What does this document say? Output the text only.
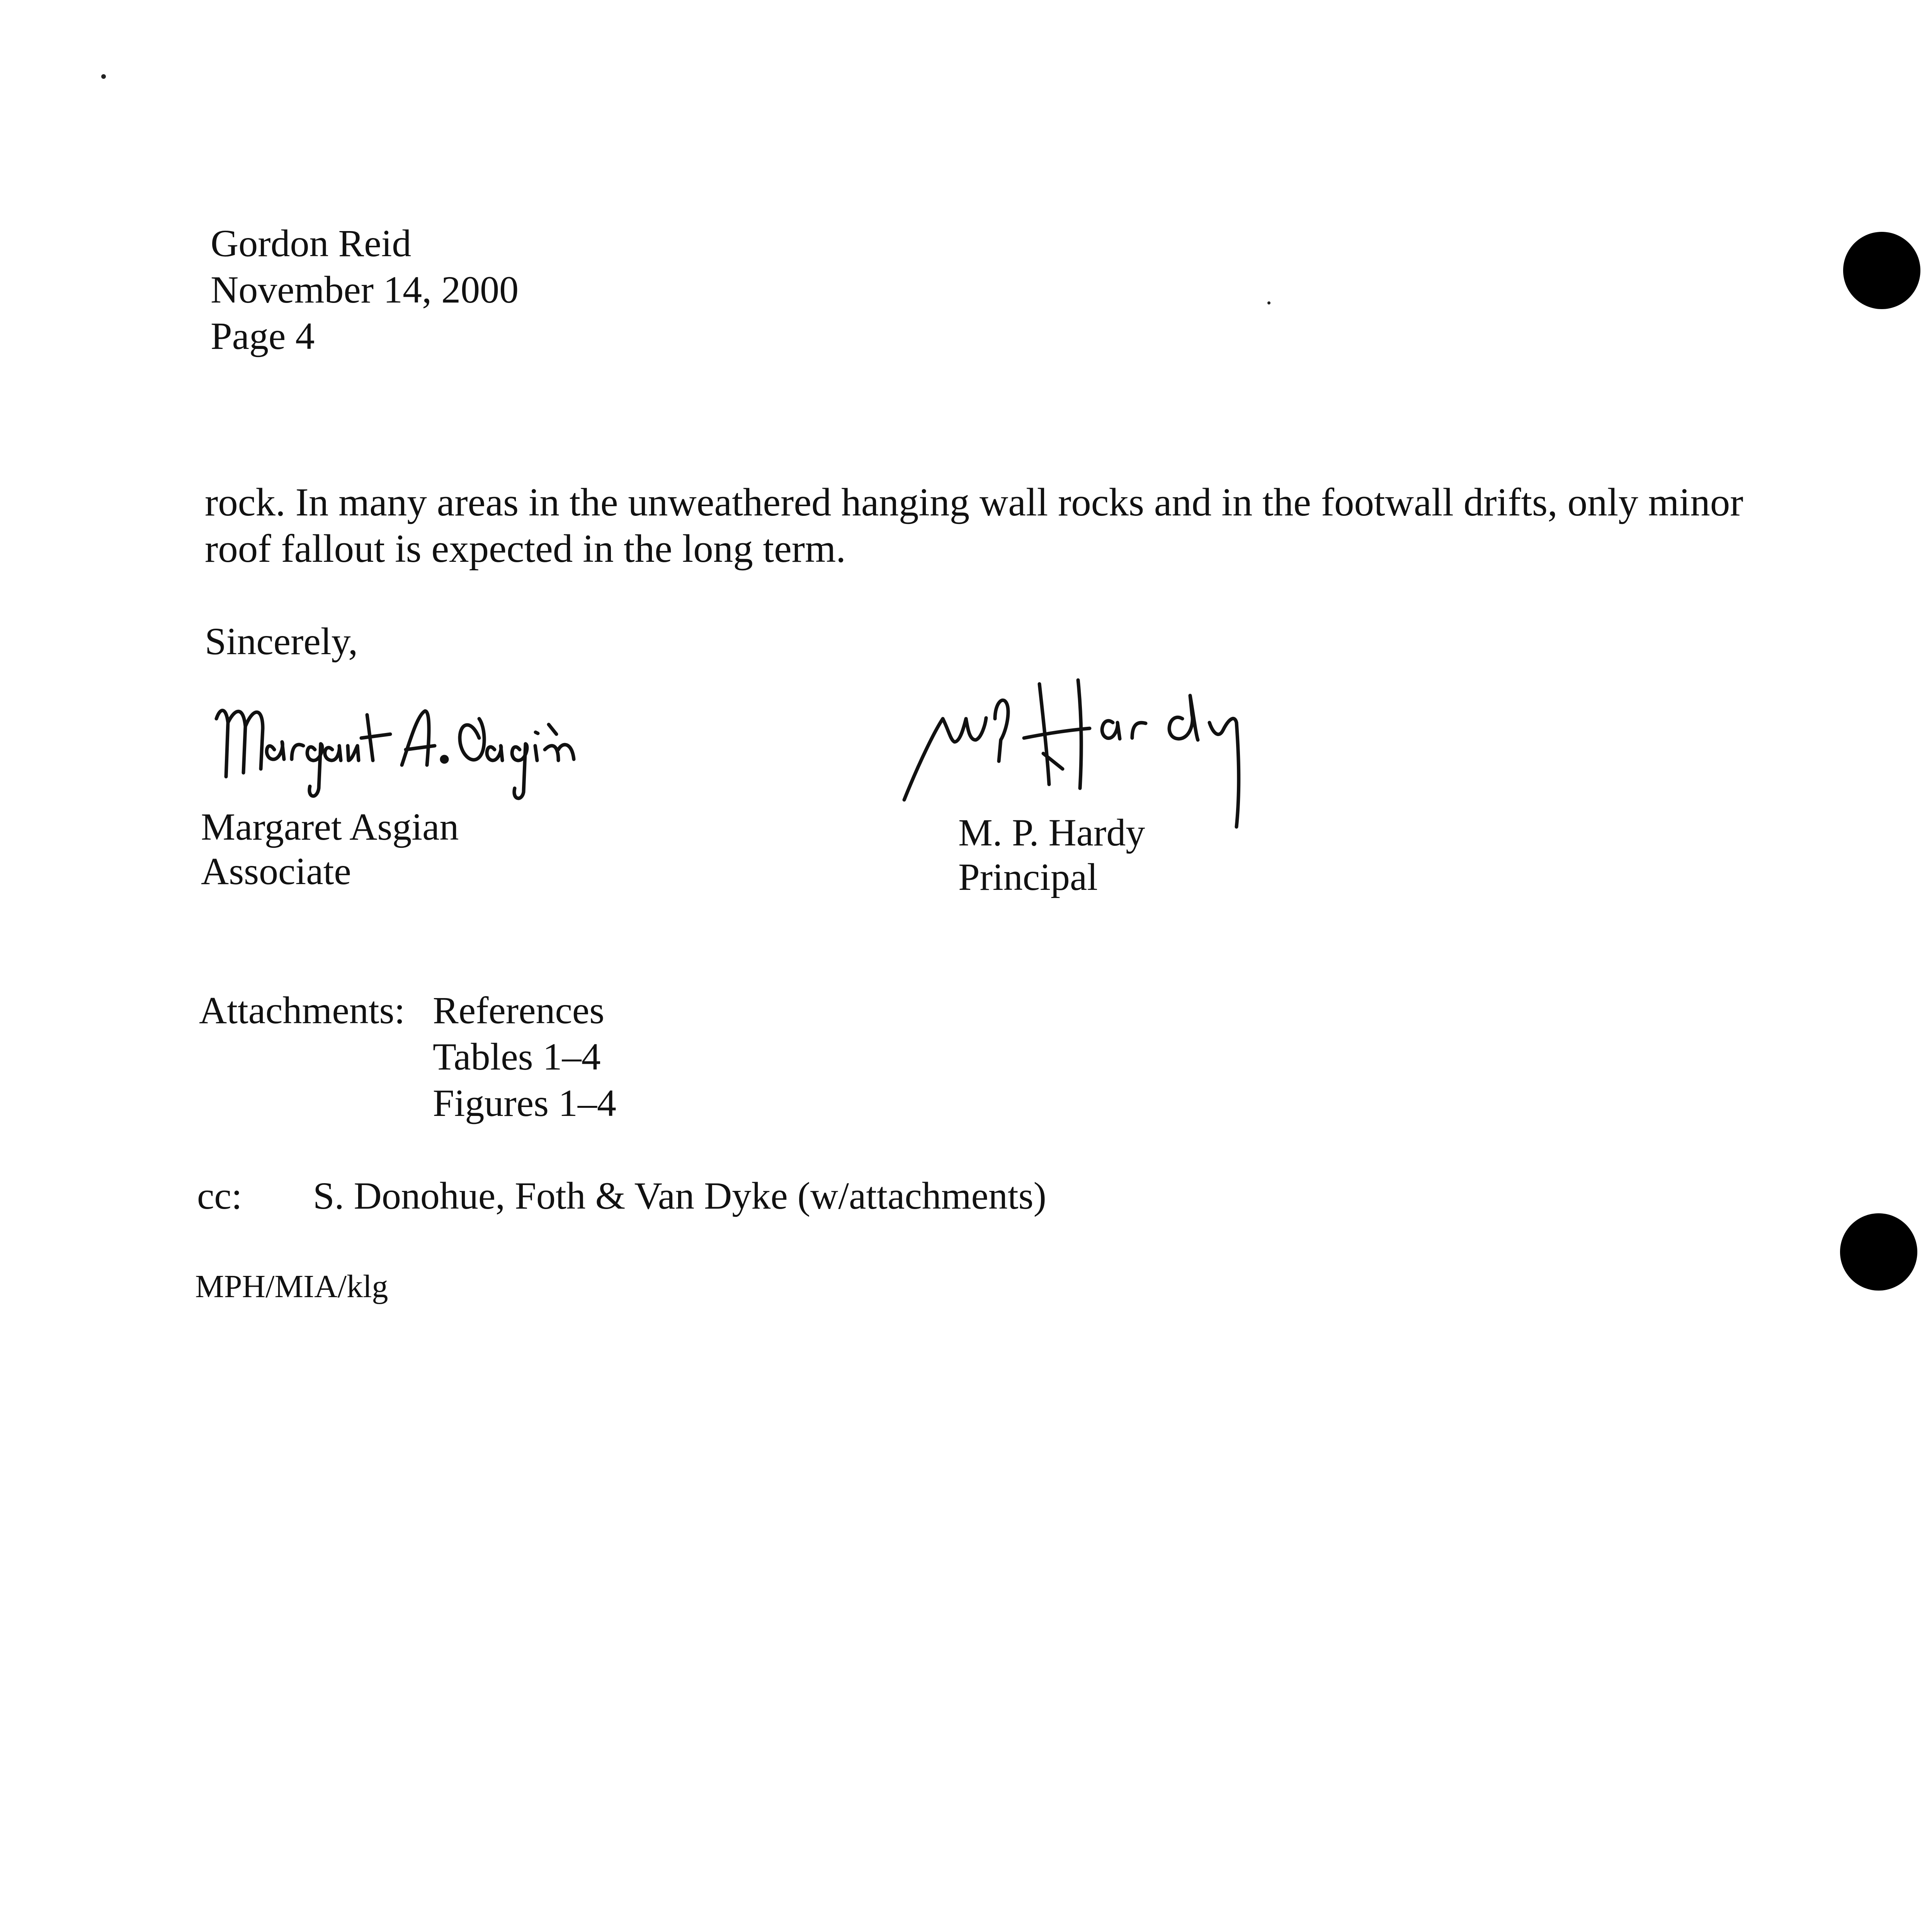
Gordon Reid
November 14, 2000
Page 4
rock. In many areas in the unweathered hanging wall rocks and in the footwall drifts, only minor
roof fallout is expected in the long term.
Sincerely,
Margaret Asgian
Associate
M. P. Hardy
Principal
Attachments: References
Tables 1–4
Figures 1–4
cc: S. Donohue, Foth & Van Dyke (w/attachments)
MPH/MIA/klg
